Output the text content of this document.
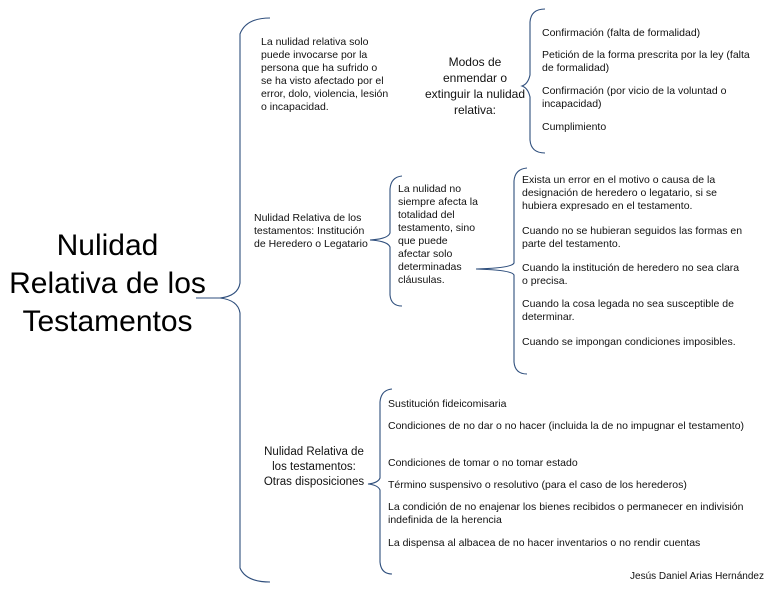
Nulidad Relativa de los Testamentos

La nulidad relativa solo puede invocarse por la persona que ha sufrido o se ha visto afectado por el error, dolo, violencia, lesión o incapacidad.

Modos de enmendar o extinguir la nulidad relativa:

Confirmación (falta de formalidad)

Petición de la forma prescrita por la ley (falta de formalidad)

Confirmación (por vicio de la voluntad o incapacidad)

Cumplimiento

Nulidad Relativa de los testamentos: Institución de Heredero o Legatario

La nulidad no siempre afecta la totalidad del testamento, sino que puede afectar solo determinadas cláusulas.

Exista un error en el motivo o causa de la designación de heredero o legatario, si se hubiera expresado en el testamento.

Cuando no se hubieran seguidos las formas en parte del testamento.

Cuando la institución de heredero no sea clara o precisa.

Cuando la cosa legada no sea susceptible de determinar.

Cuando se impongan condiciones imposibles.

Nulidad Relativa de los testamentos: Otras disposiciones

Sustitución fideicomisaria

Condiciones de no dar o no hacer (incluida la de no impugnar el testamento)

Condiciones de tomar o no tomar estado

Término suspensivo o resolutivo (para el caso de los herederos)

La condición de no enajenar los bienes recibidos o permanecer en indivisión indefinida de la herencia

La dispensa al albacea de no hacer inventarios o no rendir cuentas

Jesús Daniel Arias Hernández
